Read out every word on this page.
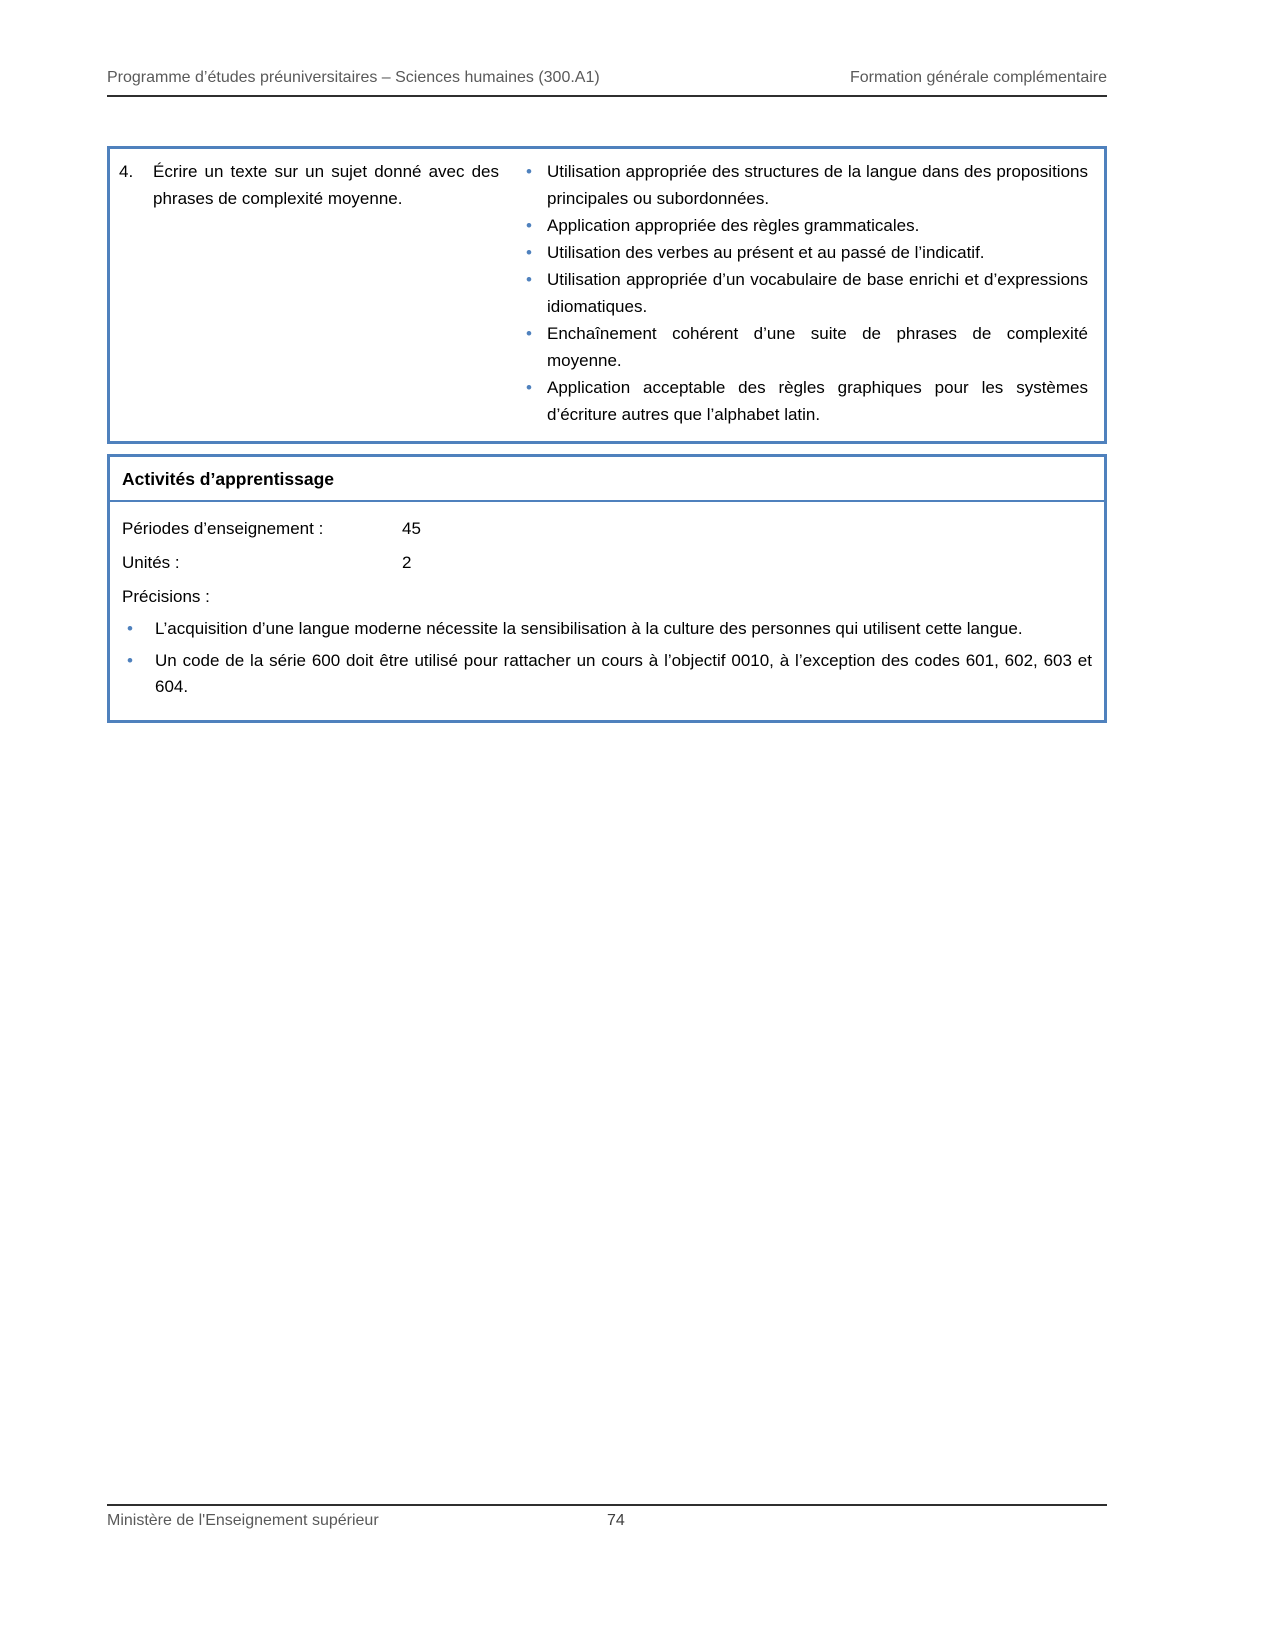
Programme d’études préuniversitaires – Sciences humaines (300.A1)	Formation générale complémentaire
4.	Écrire un texte sur un sujet donné avec des phrases de complexité moyenne.
• Utilisation appropriée des structures de la langue dans des propositions principales ou subordonnées.
• Application appropriée des règles grammaticales.
• Utilisation des verbes au présent et au passé de l’indicatif.
• Utilisation appropriée d’un vocabulaire de base enrichi et d’expressions idiomatiques.
• Enchaînement cohérent d’une suite de phrases de complexité moyenne.
• Application acceptable des règles graphiques pour les systèmes d’écriture autres que l’alphabet latin.
Activités d’apprentissage
Périodes d’enseignement :	45
Unités :	2
Précisions :
•	L’acquisition d’une langue moderne nécessite la sensibilisation à la culture des personnes qui utilisent cette langue.
•	Un code de la série 600 doit être utilisé pour rattacher un cours à l’objectif 0010, à l’exception des codes 601, 602, 603 et 604.
Ministère de l'Enseignement supérieur	74
